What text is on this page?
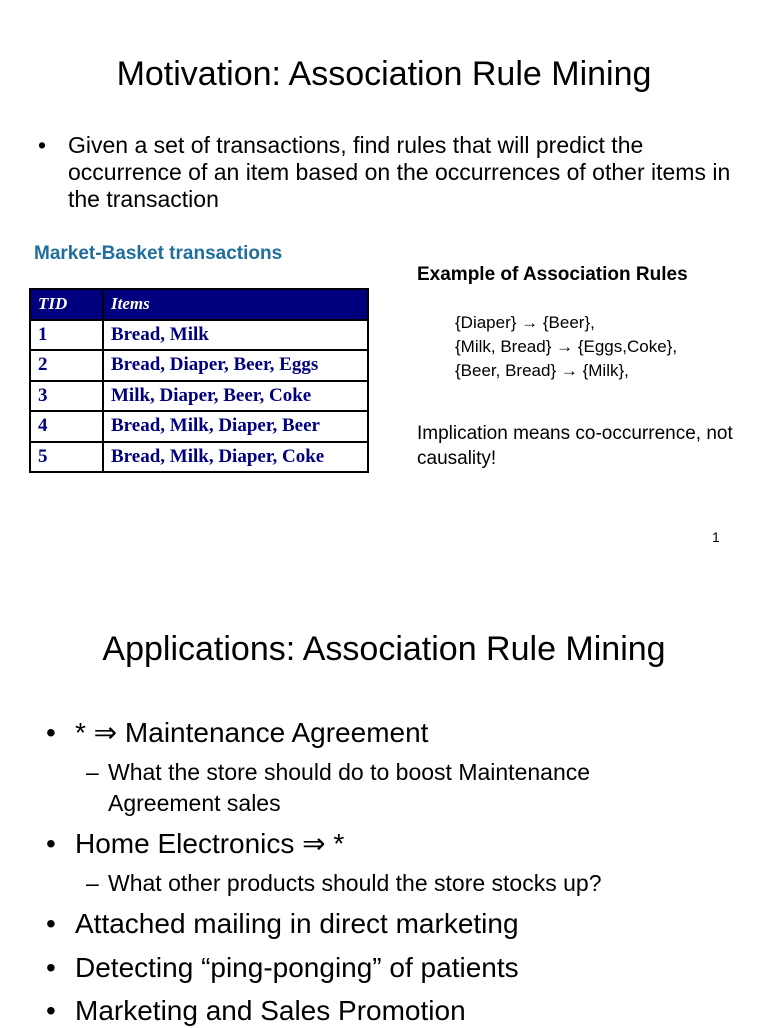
Motivation: Association Rule Mining
• Given a set of transactions, find rules that will predict the occurrence of an item based on the occurrences of other items in the transaction
Market-Basket transactions
TID	Items
1	Bread, Milk
2	Bread, Diaper, Beer, Eggs
3	Milk, Diaper, Beer, Coke
4	Bread, Milk, Diaper, Beer
5	Bread, Milk, Diaper, Coke
Example of Association Rules
{Diaper} → {Beer},
{Milk, Bread} → {Eggs,Coke},
{Beer, Bread} → {Milk},
Implication means co-occurrence, not causality!
1
Applications: Association Rule Mining
• * ⇒ Maintenance Agreement
– What the store should do to boost Maintenance Agreement sales
• Home Electronics ⇒ *
– What other products should the store stocks up?
• Attached mailing in direct marketing
• Detecting “ping-ponging” of patients
• Marketing and Sales Promotion
